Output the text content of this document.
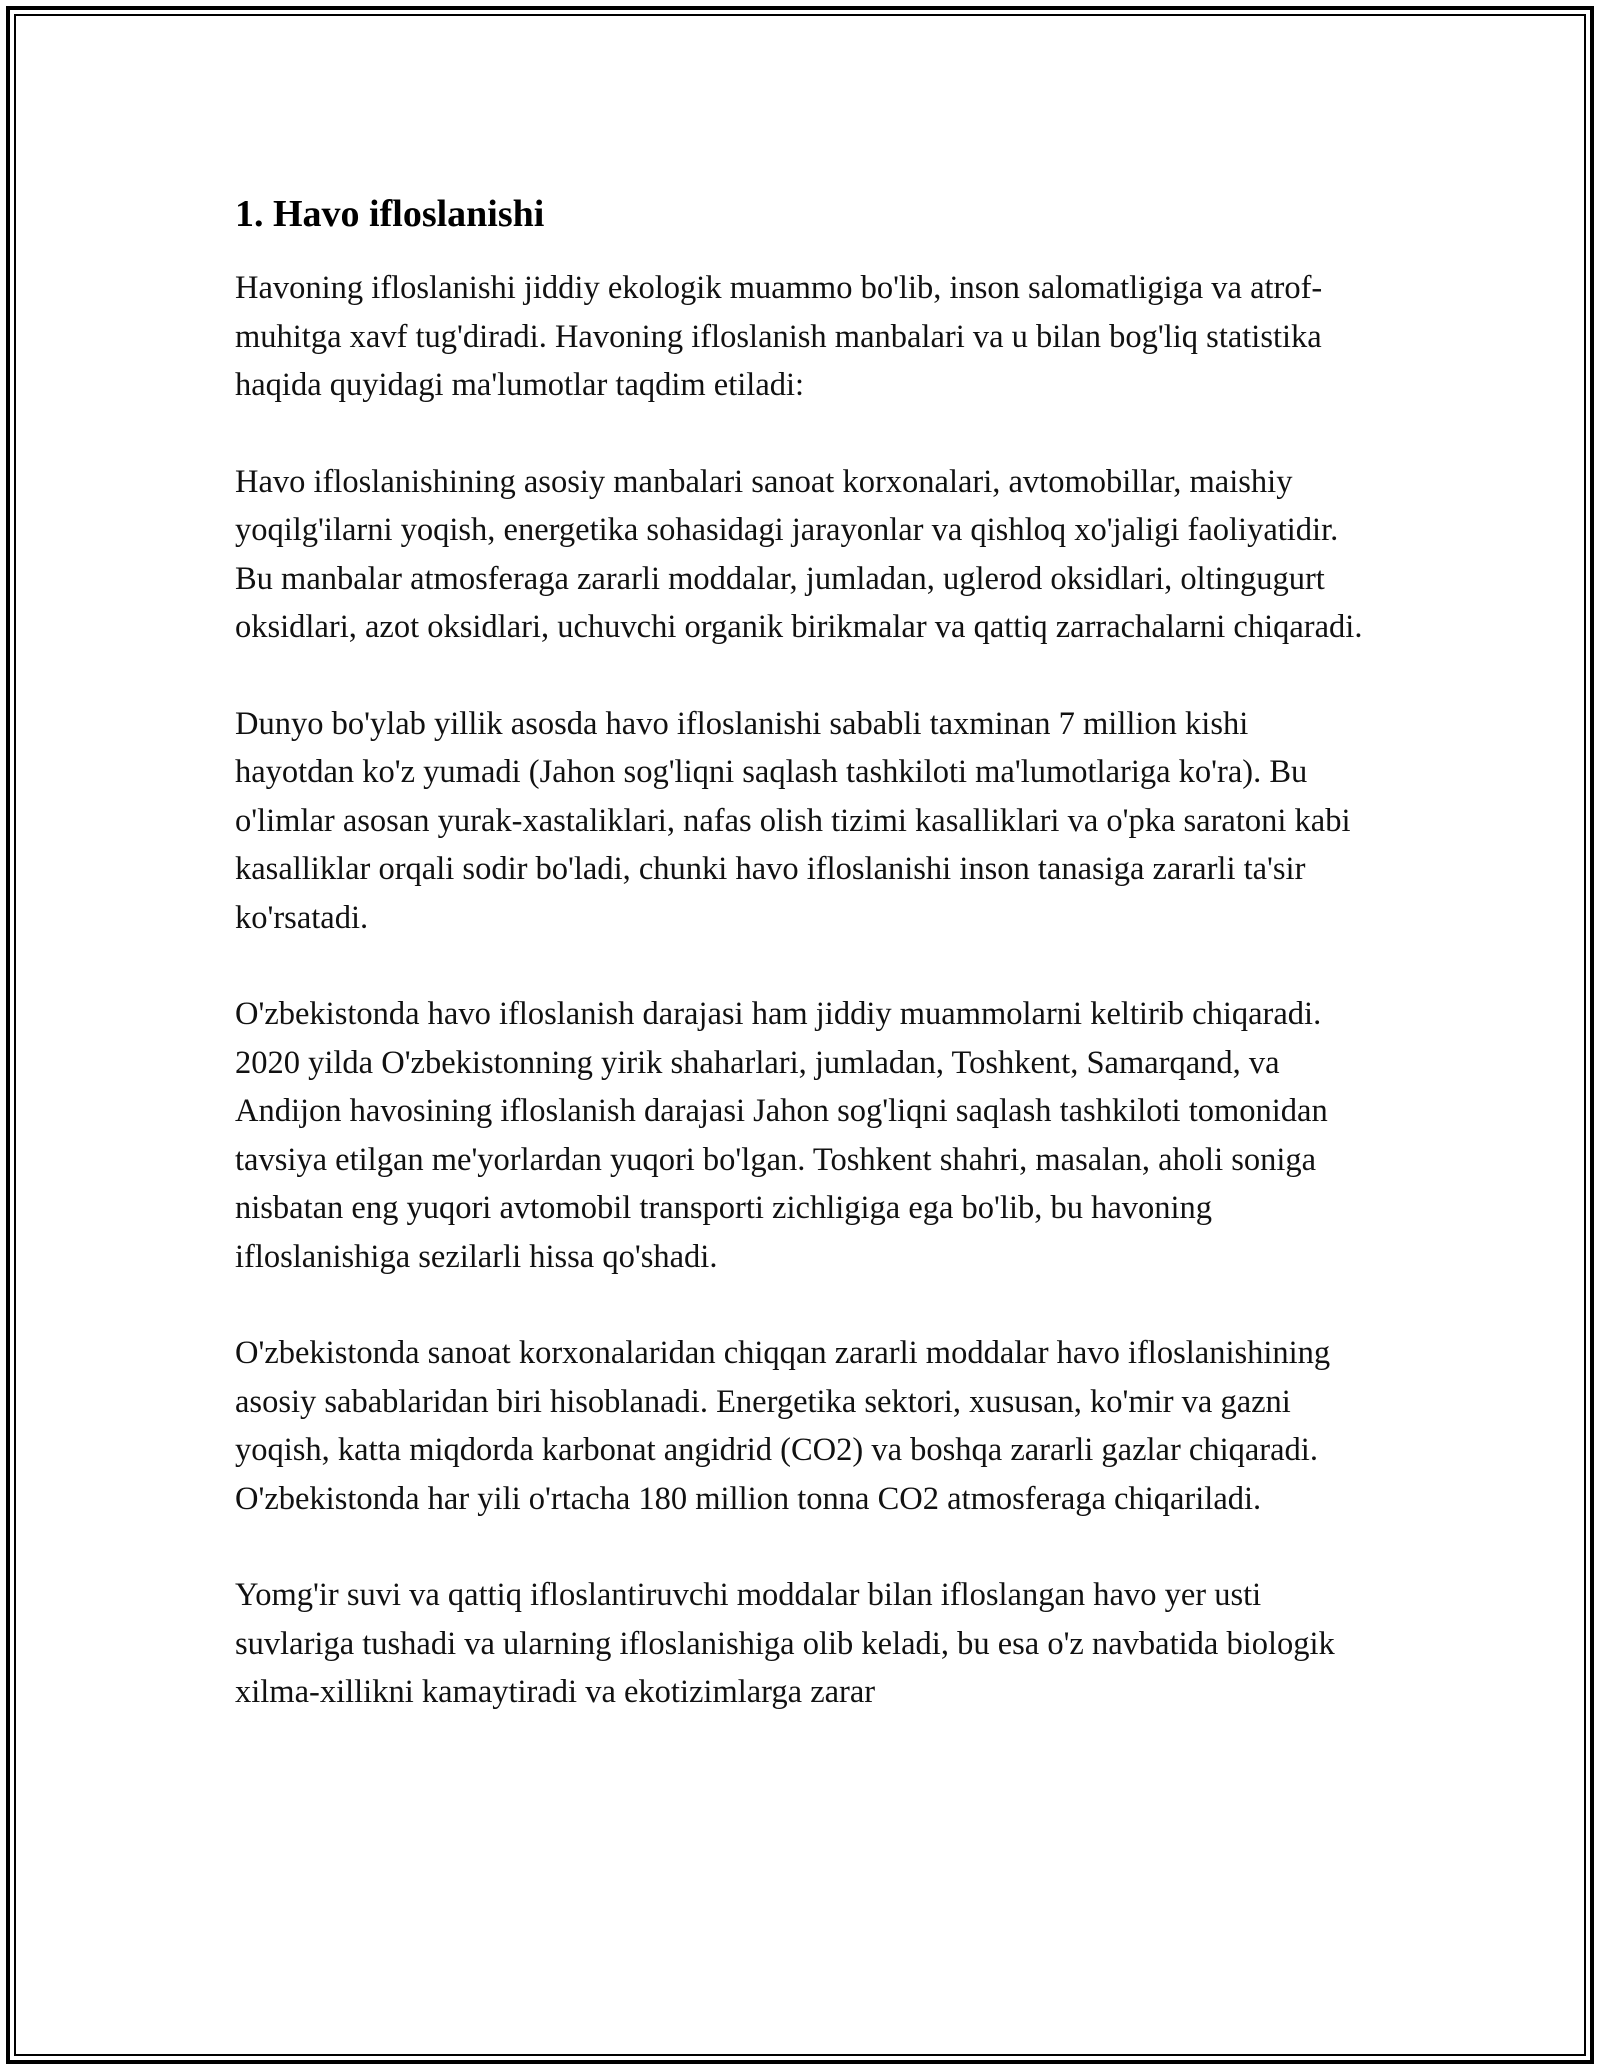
1. Havo ifloslanishi

Havoning ifloslanishi jiddiy ekologik muammo bo'lib, inson salomatligiga va atrof-muhitga xavf tug'diradi. Havoning ifloslanish manbalari va u bilan bog'liq statistika haqida quyidagi ma'lumotlar taqdim etiladi:

Havo ifloslanishining asosiy manbalari sanoat korxonalari, avtomobillar, maishiy yoqilg'ilarni yoqish, energetika sohasidagi jarayonlar va qishloq xo'jaligi faoliyatidir. Bu manbalar atmosferaga zararli moddalar, jumladan, uglerod oksidlari, oltingugurt oksidlari, azot oksidlari, uchuvchi organik birikmalar va qattiq zarrachalarni chiqaradi.

Dunyo bo'ylab yillik asosda havo ifloslanishi sababli taxminan 7 million kishi hayotdan ko'z yumadi (Jahon sog'liqni saqlash tashkiloti ma'lumotlariga ko'ra). Bu o'limlar asosan yurak-xastaliklari, nafas olish tizimi kasalliklari va o'pka saratoni kabi kasalliklar orqali sodir bo'ladi, chunki havo ifloslanishi inson tanasiga zararli ta'sir ko'rsatadi.

O'zbekistonda havo ifloslanish darajasi ham jiddiy muammolarni keltirib chiqaradi. 2020 yilda O'zbekistonning yirik shaharlari, jumladan, Toshkent, Samarqand, va Andijon havosining ifloslanish darajasi Jahon sog'liqni saqlash tashkiloti tomonidan tavsiya etilgan me'yorlardan yuqori bo'lgan. Toshkent shahri, masalan, aholi soniga nisbatan eng yuqori avtomobil transporti zichligiga ega bo'lib, bu havoning ifloslanishiga sezilarli hissa qo'shadi.

O'zbekistonda sanoat korxonalaridan chiqqan zararli moddalar havo ifloslanishining asosiy sabablaridan biri hisoblanadi. Energetika sektori, xususan, ko'mir va gazni yoqish, katta miqdorda karbonat angidrid (CO2) va boshqa zararli gazlar chiqaradi. O'zbekistonda har yili o'rtacha 180 million tonna CO2 atmosferaga chiqariladi.

Yomg'ir suvi va qattiq ifloslantiruvchi moddalar bilan ifloslangan havo yer usti suvlariga tushadi va ularning ifloslanishiga olib keladi, bu esa o'z navbatida biologik xilma-xillikni kamaytiradi va ekotizimlarga zarar
